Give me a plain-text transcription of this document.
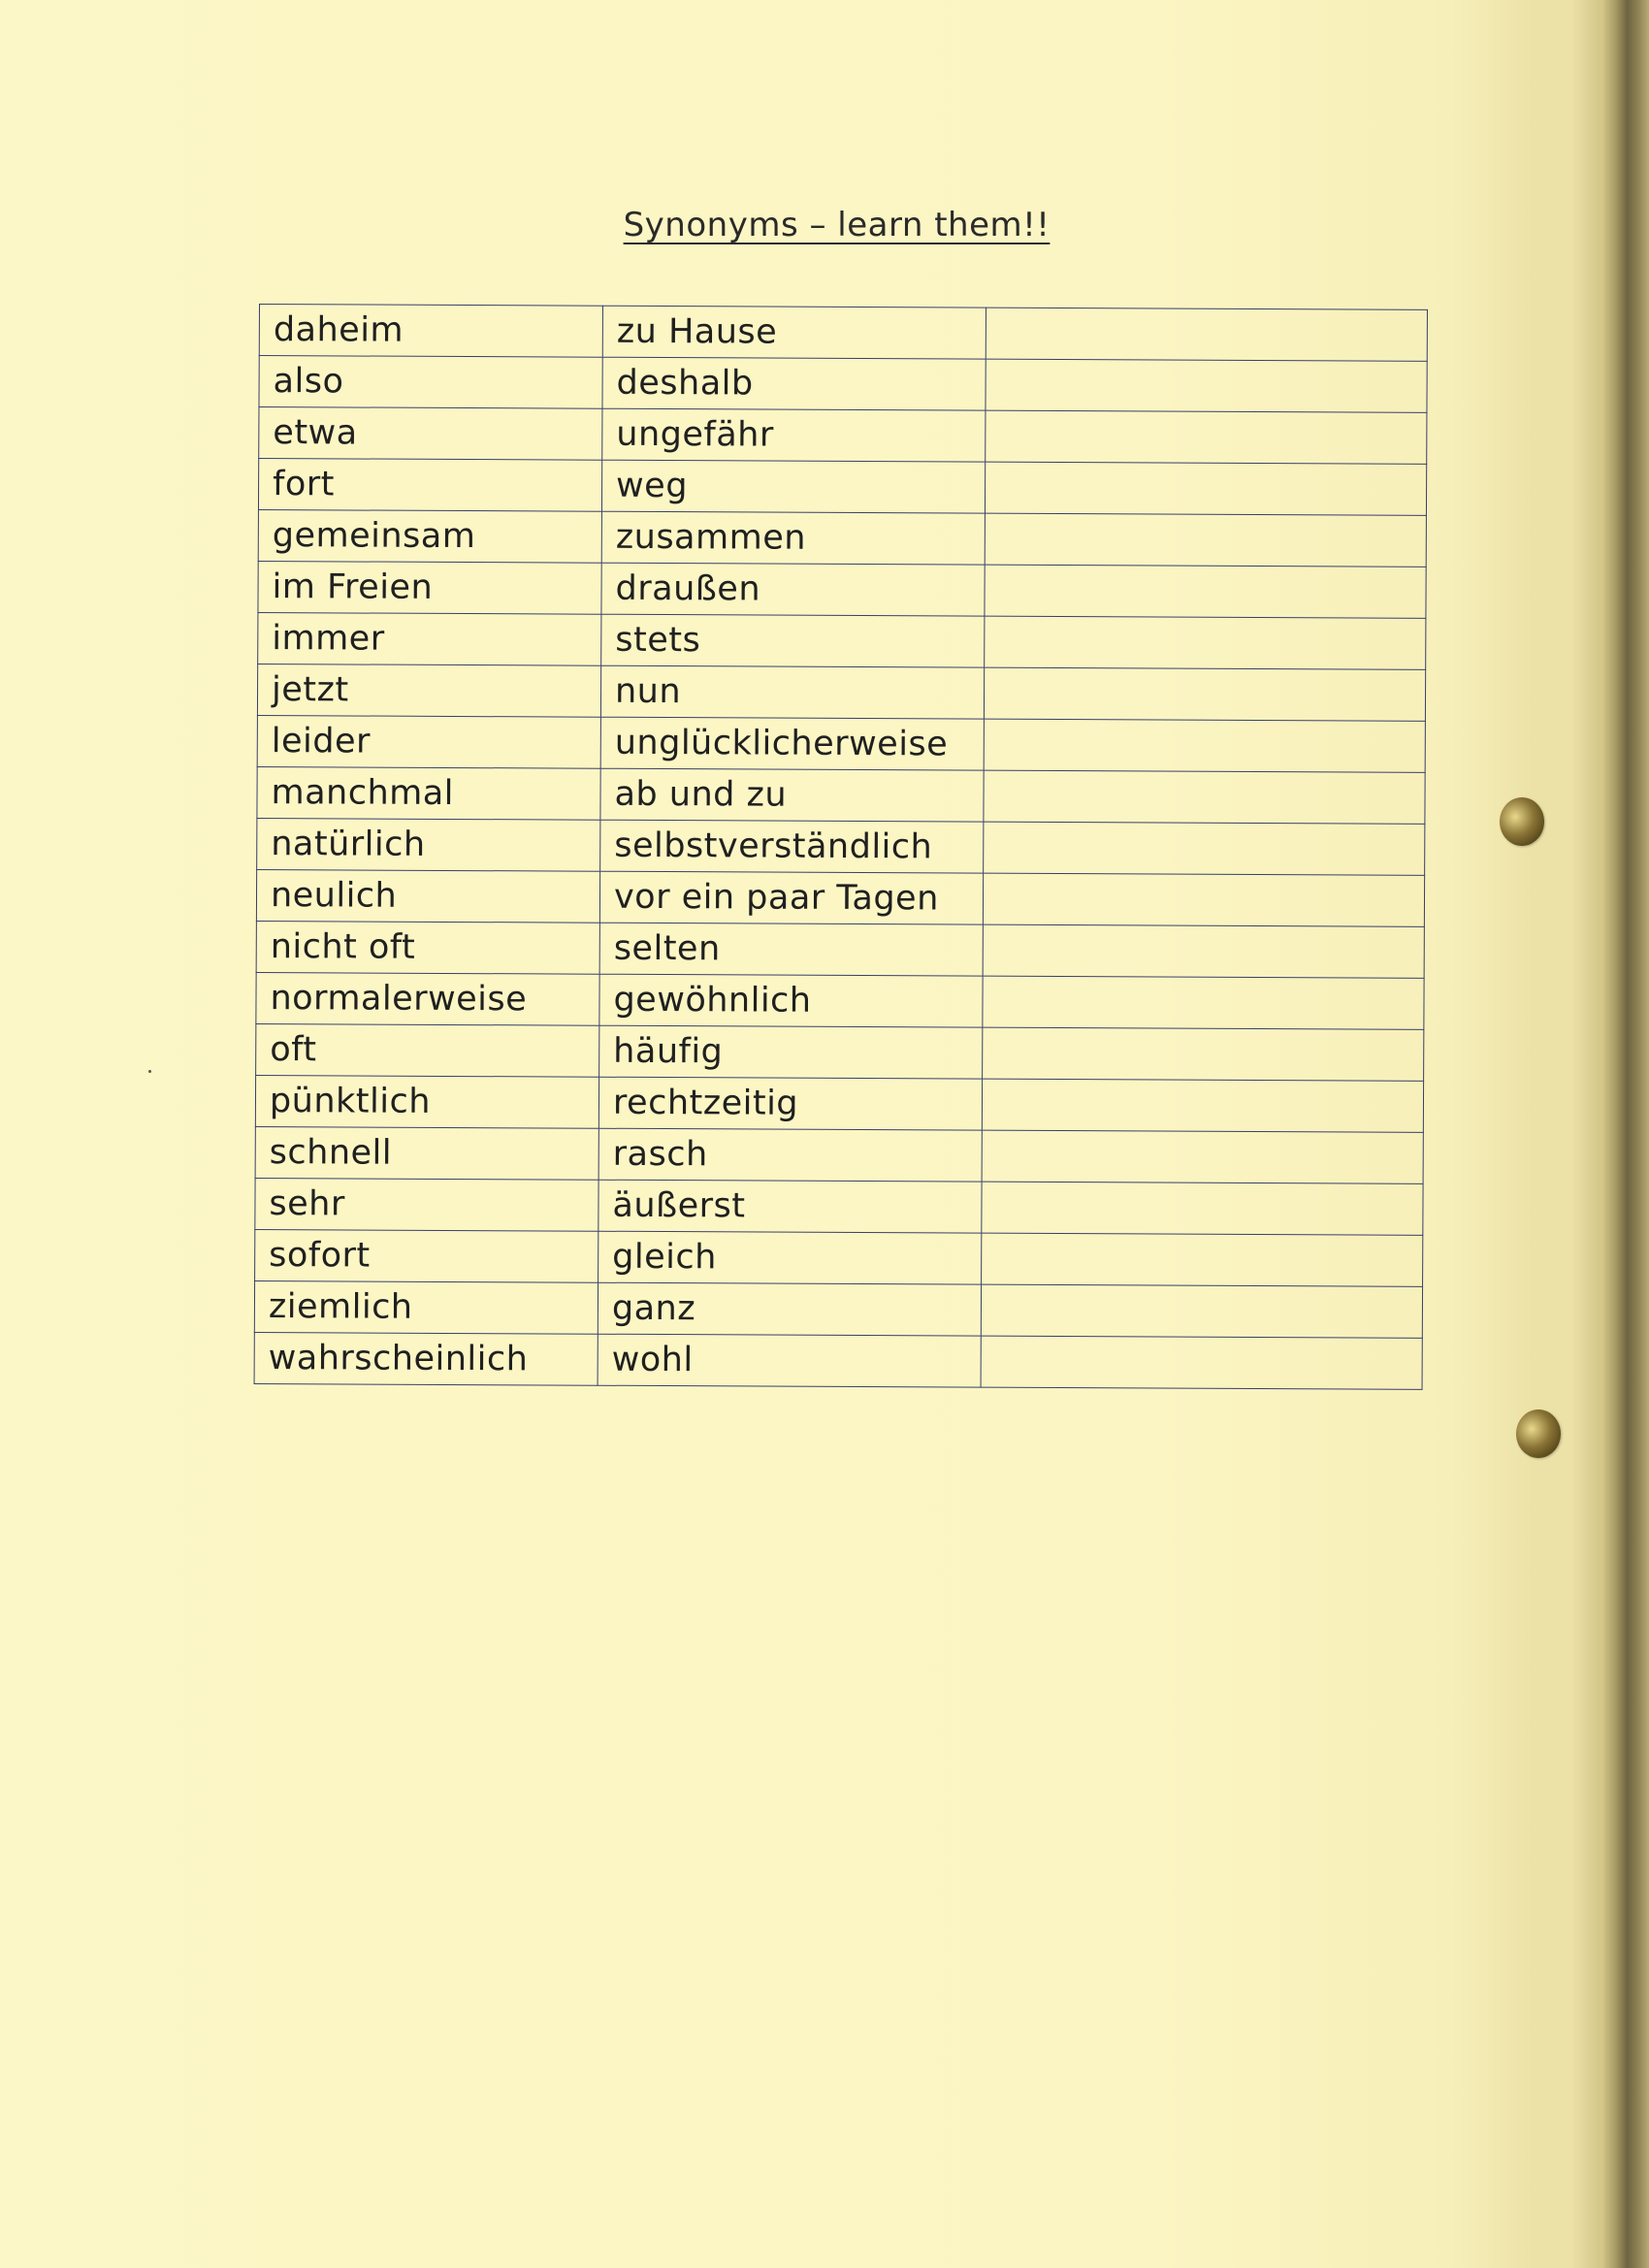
Synonyms – learn them!!
daheim	zu Hause	
also	deshalb	
etwa	ungefähr	
fort	weg	
gemeinsam	zusammen	
im Freien	draußen	
immer	stets	
jetzt	nun	
leider	unglücklicherweise	
manchmal	ab und zu	
natürlich	selbstverständlich	
neulich	vor ein paar Tagen	
nicht oft	selten	
normalerweise	gewöhnlich	
oft	häufig	
pünktlich	rechtzeitig	
schnell	rasch	
sehr	äußerst	
sofort	gleich	
ziemlich	ganz	
wahrscheinlich	wohl	
